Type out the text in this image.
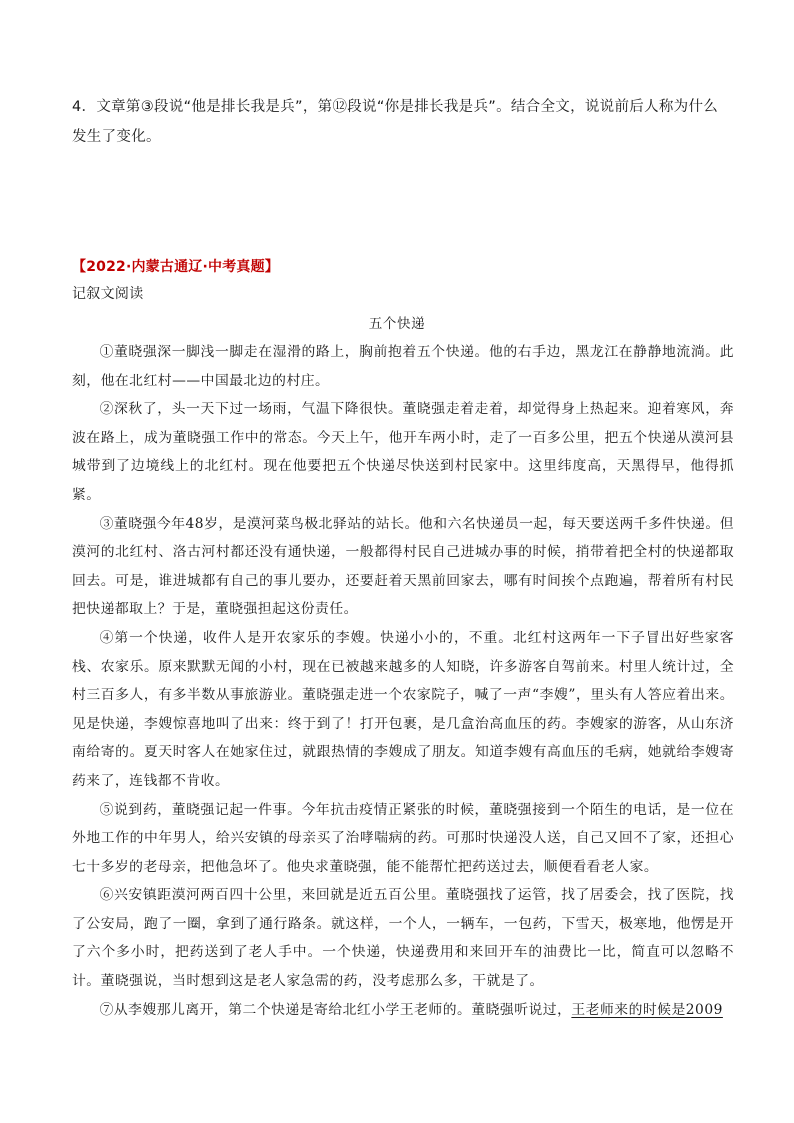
4．文章第③段说“他是排长我是兵”，第⑫段说“你是排长我是兵”。结合全文，说说前后人称为什么发生了变化。
【2022·内蒙古通辽·中考真题】
记叙文阅读
五个快递

①董晓强深一脚浅一脚走在湿滑的路上，胸前抱着五个快递。他的右手边，黑龙江在静静地流淌。此刻，他在北红村——中国最北边的村庄。

②深秋了，头一天下过一场雨，气温下降很快。董晓强走着走着，却觉得身上热起来。迎着寒风，奔波在路上，成为董晓强工作中的常态。今天上午，他开车两小时，走了一百多公里，把五个快递从漠河县城带到了边境线上的北红村。现在他要把五个快递尽快送到村民家中。这里纬度高，天黑得早，他得抓紧。

③董晓强今年48岁，是漠河菜鸟极北驿站的站长。他和六名快递员一起，每天要送两千多件快递。但漠河的北红村、洛古河村都还没有通快递，一般都得村民自己进城办事的时候，捎带着把全村的快递都取回去。可是，谁进城都有自己的事儿要办，还要赶着天黑前回家去，哪有时间挨个点跑遍，帮着所有村民把快递都取上？于是，董晓强担起这份责任。

④第一个快递，收件人是开农家乐的李嫂。快递小小的，不重。北红村这两年一下子冒出好些家客栈、农家乐。原来默默无闻的小村，现在已被越来越多的人知晓，许多游客自驾前来。村里人统计过，全村三百多人，有多半数从事旅游业。董晓强走进一个农家院子，喊了一声“李嫂”，里头有人答应着出来。见是快递，李嫂惊喜地叫了出来：终于到了！打开包裹，是几盒治高血压的药。李嫂家的游客，从山东济南给寄的。夏天时客人在她家住过，就跟热情的李嫂成了朋友。知道李嫂有高血压的毛病，她就给李嫂寄药来了，连钱都不肯收。

⑤说到药，董晓强记起一件事。今年抗击疫情正紧张的时候，董晓强接到一个陌生的电话，是一位在外地工作的中年男人，给兴安镇的母亲买了治哮喘病的药。可那时快递没人送，自己又回不了家，还担心七十多岁的老母亲，把他急坏了。他央求董晓强，能不能帮忙把药送过去，顺便看看老人家。

⑥兴安镇距漠河两百四十公里，来回就是近五百公里。董晓强找了运管，找了居委会，找了医院，找了公安局，跑了一圈，拿到了通行路条。就这样，一个人，一辆车，一包药，下雪天，极寒地，他愣是开了六个多小时，把药送到了老人手中。一个快递，快递费用和来回开车的油费比一比，简直可以忽略不计。董晓强说，当时想到这是老人家急需的药，没考虑那么多，干就是了。

⑦从李嫂那儿离开，第二个快递是寄给北红小学王老师的。董晓强听说过，王老师来的时候是2009
